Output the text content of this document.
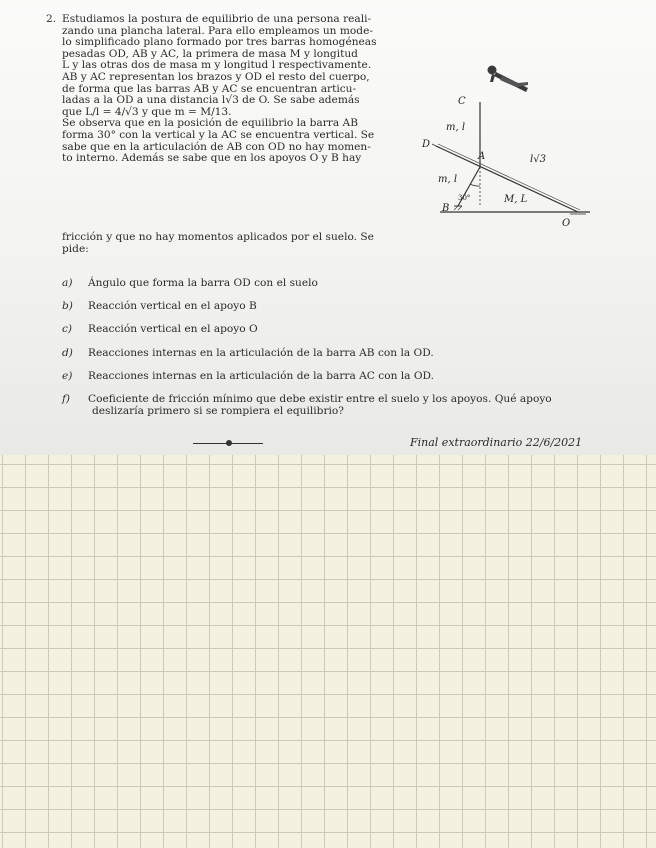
2. Estudiamos la postura de equilibrio de una persona reali-
zando una plancha lateral. Para ello empleamos un mode-
lo simplificado plano formado por tres barras homogéneas
pesadas OD, AB y AC, la primera de masa M y longitud
L y las otras dos de masa m y longitud l respectivamente.
AB y AC representan los brazos y OD el resto del cuerpo,
de forma que las barras AB y AC se encuentran articu-
ladas a la OD a una distancia l√3 de O. Se sabe además
que L/l = 4/√3 y que m = M/13.
Se observa que en la posición de equilibrio la barra AB
forma 30° con la vertical y la AC se encuentra vertical. Se
sabe que en la articulación de AB con OD no hay momen-
to interno. Además se sabe que en los apoyos O y B hay
fricción y que no hay momentos aplicados por el suelo. Se
pide:
C
m, l
D
A	l√3
m, l
30°	M, L
B
O
a) Ángulo que forma la barra OD con el suelo
b) Reacción vertical en el apoyo B
c) Reacción vertical en el apoyo O
d) Reacciones internas en la articulación de la barra AB con la OD.
e) Reacciones internas en la articulación de la barra AC con la OD.
f) Coeficiente de fricción mínimo que debe existir entre el suelo y los apoyos. Qué apoyo
deslizaría primero si se rompiera el equilibrio?
Final extraordinario 22/6/2021
